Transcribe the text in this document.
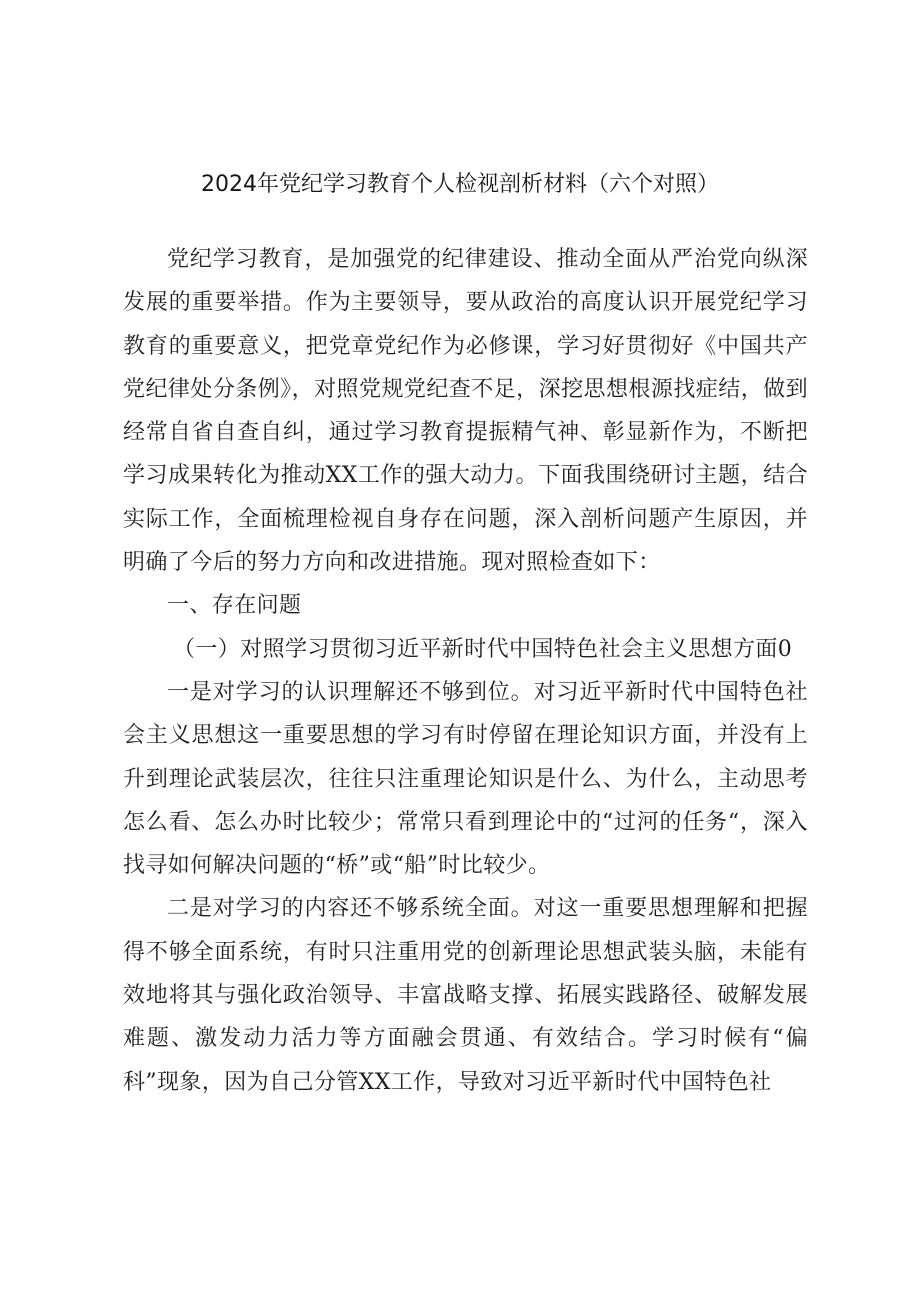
2024年党纪学习教育个人检视剖析材料（六个对照）

党纪学习教育，是加强党的纪律建设、推动全面从严治党向纵深发展的重要举措。作为主要领导，要从政治的高度认识开展党纪学习教育的重要意义，把党章党纪作为必修课，学习好贯彻好《中国共产党纪律处分条例》，对照党规党纪查不足，深挖思想根源找症结，做到经常自省自查自纠，通过学习教育提振精气神、彰显新作为，不断把学习成果转化为推动XX工作的强大动力。下面我围绕研讨主题，结合实际工作，全面梳理检视自身存在问题，深入剖析问题产生原因，并明确了今后的努力方向和改进措施。现对照检查如下：

一、存在问题

（一）对照学习贯彻习近平新时代中国特色社会主义思想方面0

一是对学习的认识理解还不够到位。对习近平新时代中国特色社会主义思想这一重要思想的学习有时停留在理论知识方面，并没有上升到理论武装层次，往往只注重理论知识是什么、为什么，主动思考怎么看、怎么办时比较少；常常只看到理论中的“过河的任务“，深入找寻如何解决问题的“桥”或“船”时比较少。

二是对学习的内容还不够系统全面。对这一重要思想理解和把握得不够全面系统，有时只注重用党的创新理论思想武装头脑，未能有效地将其与强化政治领导、丰富战略支撑、拓展实践路径、破解发展难题、激发动力活力等方面融会贯通、有效结合。学习时候有“偏科”现象，因为自己分管XX工作，导致对习近平新时代中国特色社
